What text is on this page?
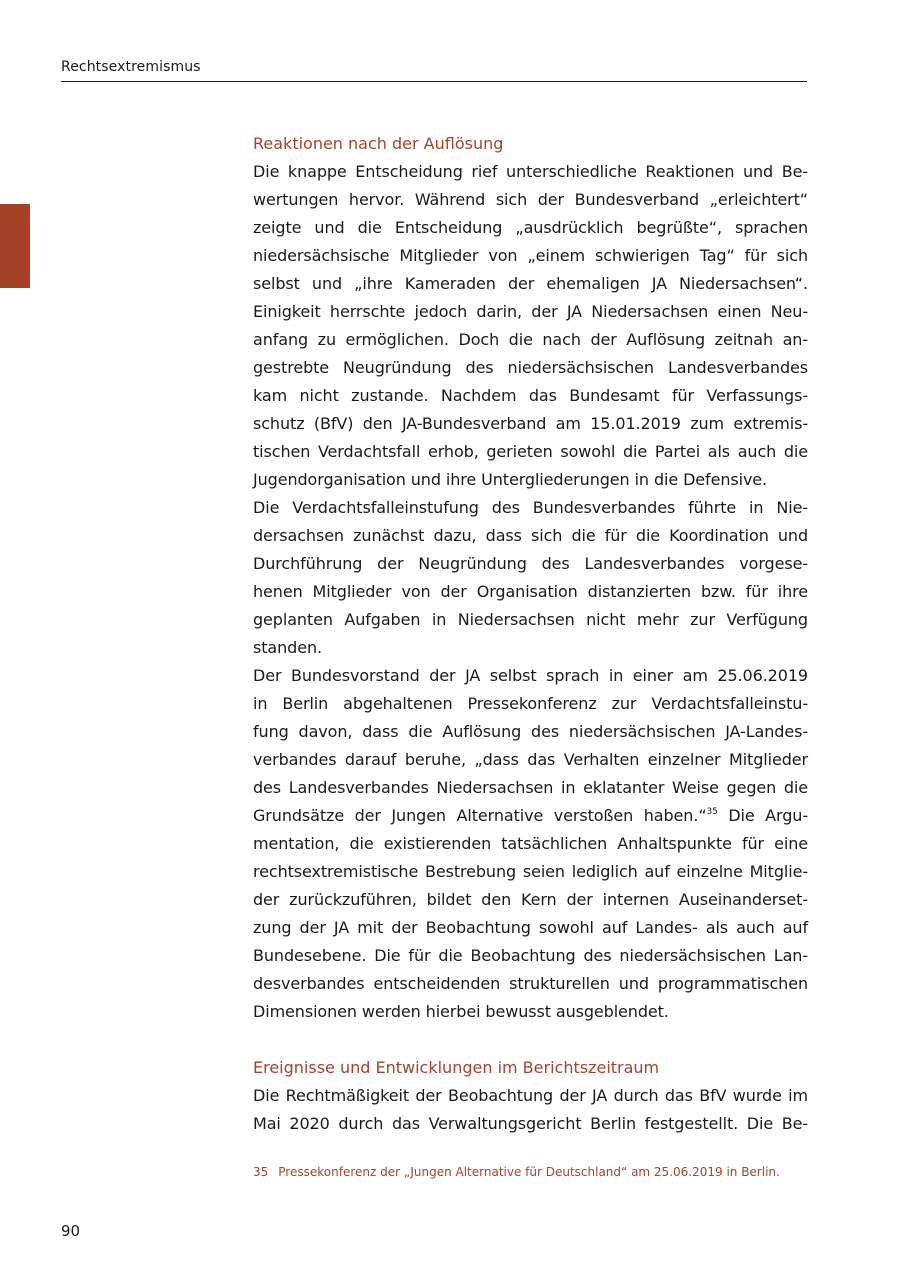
Rechtsextremismus
Reaktionen nach der Auflösung

Die knappe Entscheidung rief unterschiedliche Reaktionen und Be-
wertungen hervor. Während sich der Bundesverband „erleichtert“
zeigte und die Entscheidung „ausdrücklich begrüßte“, sprachen
niedersächsische Mitglieder von „einem schwierigen Tag“ für sich
selbst und „ihre Kameraden der ehemaligen JA Niedersachsen“.
Einigkeit herrschte jedoch darin, der JA Niedersachsen einen Neu-
anfang zu ermöglichen. Doch die nach der Auflösung zeitnah an-
gestrebte Neugründung des niedersächsischen Landesverbandes
kam nicht zustande. Nachdem das Bundesamt für Verfassungs-
schutz (BfV) den JA-Bundesverband am 15.01.2019 zum extremis-
tischen Verdachtsfall erhob, gerieten sowohl die Partei als auch die
Jugendorganisation und ihre Untergliederungen in die Defensive.

Die Verdachtsfalleinstufung des Bundesverbandes führte in Nie-
dersachsen zunächst dazu, dass sich die für die Koordination und
Durchführung der Neugründung des Landesverbandes vorgese-
henen Mitglieder von der Organisation distanzierten bzw. für ihre
geplanten Aufgaben in Niedersachsen nicht mehr zur Verfügung
standen.

Der Bundesvorstand der JA selbst sprach in einer am 25.06.2019
in Berlin abgehaltenen Pressekonferenz zur Verdachtsfalleinstu-
fung davon, dass die Auflösung des niedersächsischen JA-Landes-
verbandes darauf beruhe, „dass das Verhalten einzelner Mitglieder
des Landesverbandes Niedersachsen in eklatanter Weise gegen die
Grundsätze der Jungen Alternative verstoßen haben.“$^{35}$ Die Argu-
mentation, die existierenden tatsächlichen Anhaltspunkte für eine
rechtsextremistische Bestrebung seien lediglich auf einzelne Mitglie-
der zurückzuführen, bildet den Kern der internen Auseinanderset-
zung der JA mit der Beobachtung sowohl auf Landes- als auch auf
Bundesebene. Die für die Beobachtung des niedersächsischen Lan-
desverbandes entscheidenden strukturellen und programmatischen
Dimensionen werden hierbei bewusst ausgeblendet.

Ereignisse und Entwicklungen im Berichtszeitraum

Die Rechtmäßigkeit der Beobachtung der JA durch das BfV wurde im
Mai 2020 durch das Verwaltungsgericht Berlin festgestellt. Die Be-

35 Pressekonferenz der „Jungen Alternative für Deutschland“ am 25.06.2019 in Berlin.
90
